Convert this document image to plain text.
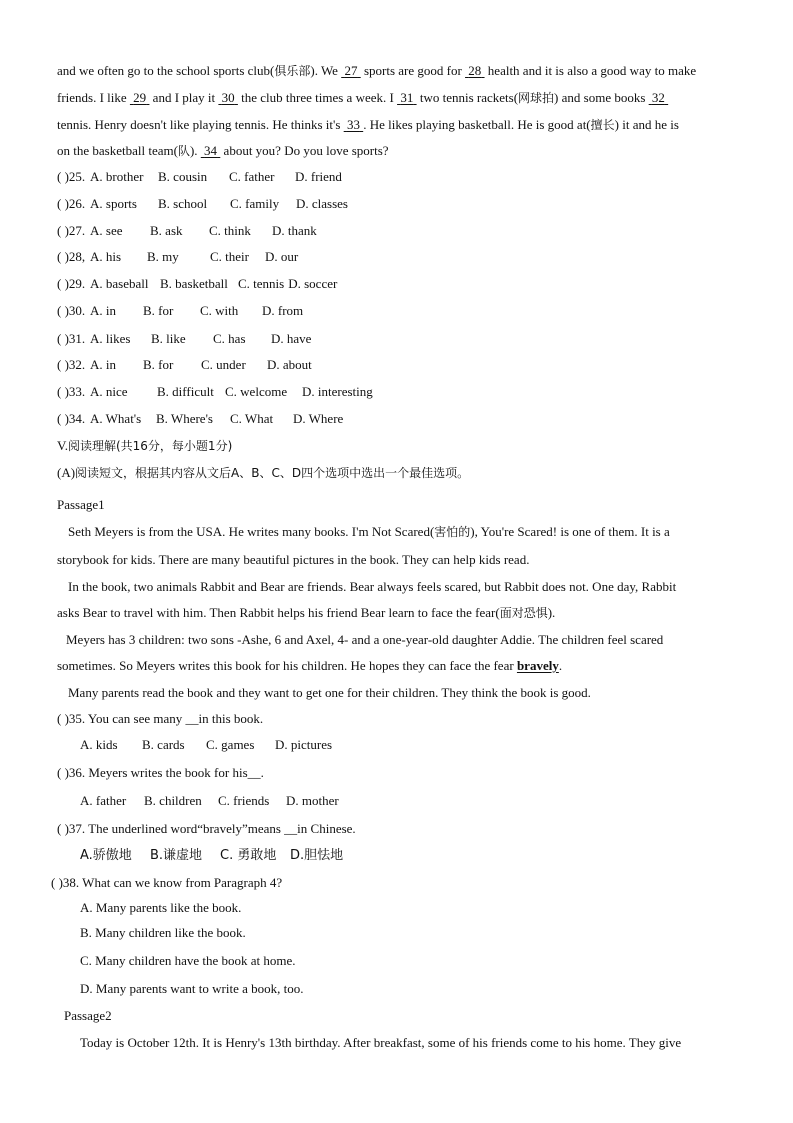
and we often go to the school sports club(俱乐部). We  27  sports are good for  28  health and it is also a good way to make
friends. I like  29  and I play it  30  the club three times a week. I  31  two tennis rackets(网球拍) and some books  32
tennis. Henry doesn't like playing tennis. He thinks it's  33 . He likes playing basketball. He is good at(擅长) it and he is
on the basketball team(队).  34  about you? Do you love sports?
( )25. A. brother B. cousin C. father D. friend
( )26. A. sports B. school C. family D. classes
( )27. A. see B. ask C. think D. thank
( )28, A. his B. my C. their D. our
( )29. A. baseball B. basketball C. tennis D. soccer
( )30. A. in B. for C. with D. from
( )31. A. likes B. like C. has D. have
( )32. A. in B. for C. under D. about
( )33. A. nice B. difficult C. welcome D. interesting
( )34. A. What's B. Where's C. What D. Where
V.阅读理解(共16分，每小题1分)
(A)阅读短文，根据其内容从文后A、B、C、D四个选项中选出一个最佳选项。
Passage1
Seth Meyers is from the USA. He writes many books. I'm Not Scared(害怕的), You're Scared! is one of them. It is a
storybook for kids. There are many beautiful pictures in the book. They can help kids read.
In the book, two animals Rabbit and Bear are friends. Bear always feels scared, but Rabbit does not. One day, Rabbit
asks Bear to travel with him. Then Rabbit helps his friend Bear learn to face the fear(面对恐惧).
Meyers has 3 children: two sons -Ashe, 6 and Axel, 4- and a one-year-old daughter Addie. The children feel scared
sometimes. So Meyers writes this book for his children. He hopes they can face the fear bravely.
Many parents read the book and they want to get one for their children. They think the book is good.
( )35. You can see many __in this book.
A. kids B. cards C. games D. pictures
( )36. Meyers writes the book for his__.
A. father B. children C. friends D. mother
( )37. The underlined word“bravely”means __in Chinese.
A.骄傲地 B.谦虚地 C. 勇敢地 D.胆怯地
( )38. What can we know from Paragraph 4?
A. Many parents like the book.
B. Many children like the book.
C. Many children have the book at home.
D. Many parents want to write a book, too.
Passage2
Today is October 12th. It is Henry's 13th birthday. After breakfast, some of his friends come to his home. They give
